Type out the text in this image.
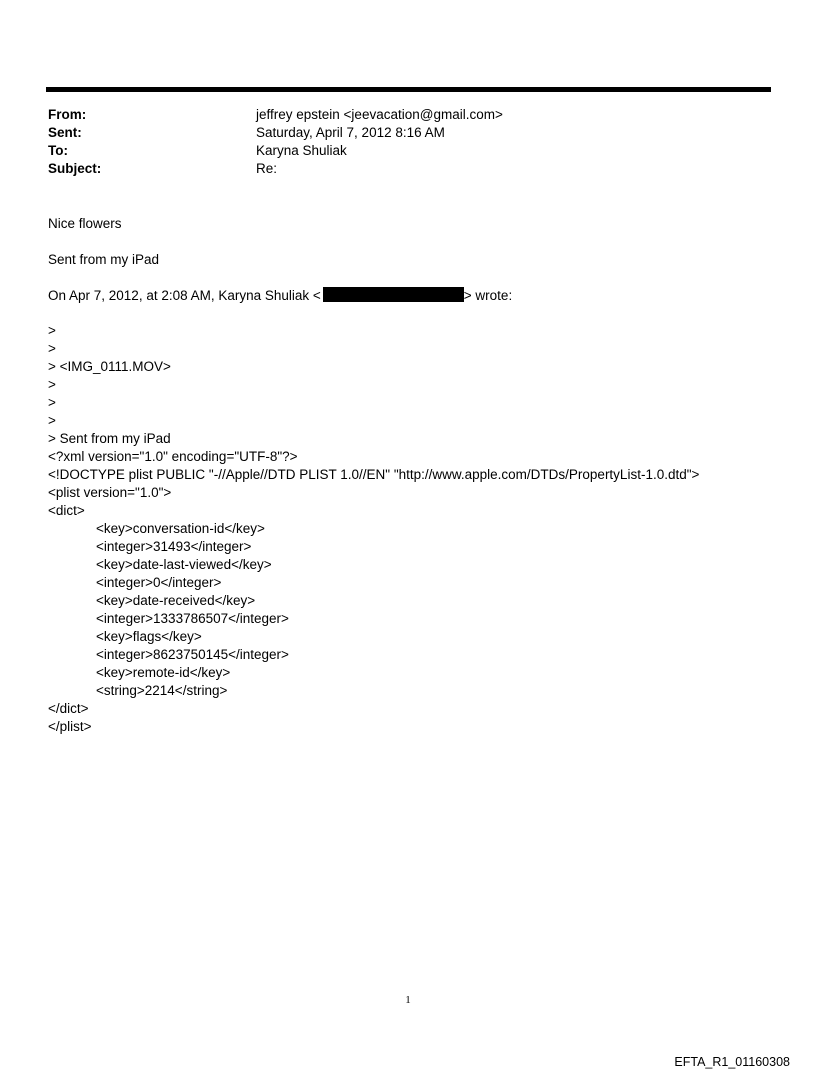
From:	jeffrey epstein <jeevacation@gmail.com>
Sent:	Saturday, April 7, 2012 8:16 AM
To:	Karyna Shuliak
Subject:	Re:
Nice flowers
Sent from my iPad
On Apr 7, 2012, at 2:08 AM, Karyna Shuliak <	> wrote:
>
>
> <IMG_0111.MOV>
>
>
>
> Sent from my iPad
<?xml version="1.0" encoding="UTF-8"?>
<!DOCTYPE plist PUBLIC "-//Apple//DTD PLIST 1.0//EN" "http://www.apple.com/DTDs/PropertyList-1.0.dtd">
<plist version="1.0">
<dict>
<key>conversation-id</key>
<integer>31493</integer>
<key>date-last-viewed</key>
<integer>0</integer>
<key>date-received</key>
<integer>1333786507</integer>
<key>flags</key>
<integer>8623750145</integer>
<key>remote-id</key>
<string>2214</string>
</dict>
</plist>
1
EFTA_R1_01160308
